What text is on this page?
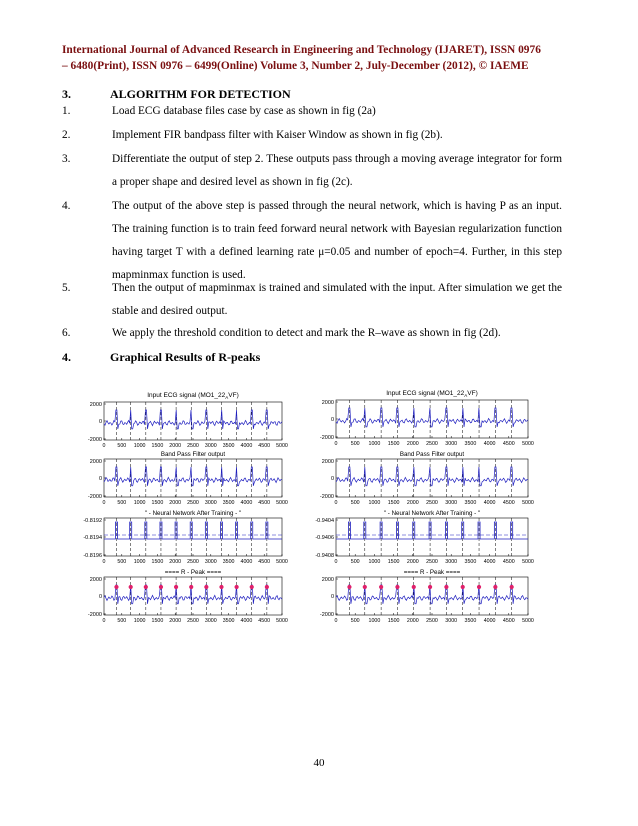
International Journal of Advanced Research in Engineering and Technology (IJARET), ISSN 0976
– 6480(Print), ISSN 0976 – 6499(Online) Volume 3, Number 2, July-December (2012), © IAEME
3.	ALGORITHM FOR DETECTION
1.	Load ECG database files case by case as shown in fig (2a)
2.	Implement FIR bandpass filter with Kaiser Window as shown in fig (2b).
3.	Differentiate the output of step 2. These outputs pass through a moving average integrator for form a proper shape and desired level as shown in fig (2c).
4.	The output of the above step is passed through the neural network, which is having P as an input. The training function is to train feed forward neural network with Bayesian regularization function having target T with a defined learning rate μ=0.05 and number of epoch=4. Further, in this step mapminmax function is used.
5.	Then the output of mapminmax is trained and simulated with the input. After simulation we get the stable and desired output.
6.	We apply the threshold condition to detect and mark the R–wave as shown in fig (2d).
4.	Graphical Results of R-peaks
Input ECG signal $(MO1\_22_AVF)$
2000
0
-2000
0 500 1000 1500 2000 2500 3000 3500 4000 4500 5000
Band Pass Filter output
2000
0
-2000
0 500 1000 1500 2000 2500 3000 3500 4000 4500 5000
" - Neural Network After Training - "
-0.8192
-0.8194
-0.8196
0 500 1000 1500 2000 2500 3000 3500 4000 4500 5000
==== R - Peak ====
2000
0
-2000
0 500 1000 1500 2000 2500 3000 3500 4000 4500 5000
Input ECG signal $(MO1\_22_AVF)$
2000
0
-2000
0	500 1000 1500 2000 2500 3000 3500 4000 4500 5000
Band Pass Filter output
2000
0
-2000
0	500 1000 1500 2000 2500 3000 3500 4000 4500 5000
" - Neural Network After Training - "
-0.9404
-0.9406
-0.9408
0	500 1000 1500 2000 2500 3000 3500 4000 4500 5000
==== R - Peak ====
2000
0
-2000
0	500 1000 1500 2000 2500 3000 3500 4000 4500 5000
40
